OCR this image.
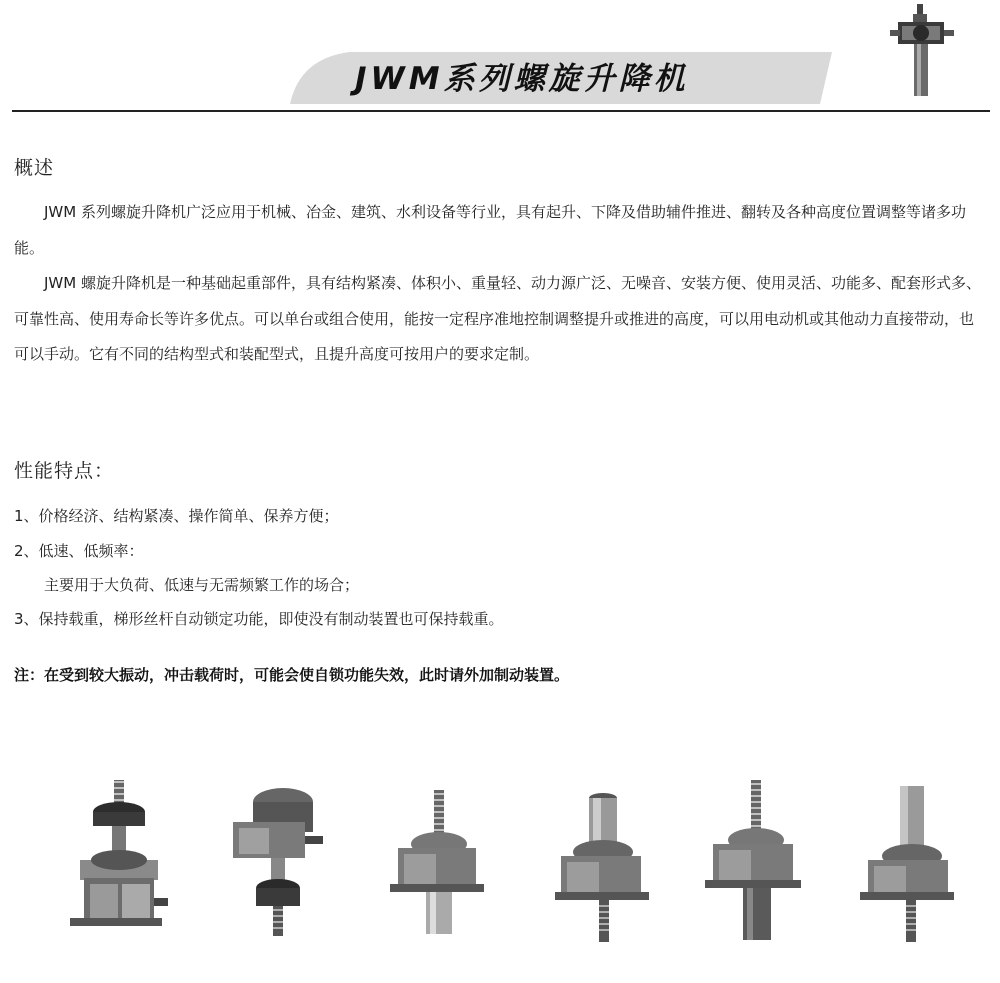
JWM系列螺旋升降机
概述
JWM 系列螺旋升降机广泛应用于机械、冶金、建筑、水利设备等行业，具有起升、下降及借助辅件推进、翻转及各种高度位置调整等诸多功能。
JWM 螺旋升降机是一种基础起重部件，具有结构紧凑、体积小、重量轻、动力源广泛、无噪音、安装方便、使用灵活、功能多、配套形式多、可靠性高、使用寿命长等许多优点。可以单台或组合使用，能按一定程序准地控制调整提升或推进的高度，可以用电动机或其他动力直接带动，也可以手动。它有不同的结构型式和装配型式，且提升高度可按用户的要求定制。
性能特点：
1、价格经济、结构紧凑、操作简单、保养方便；
2、低速、低频率：
主要用于大负荷、低速与无需频繁工作的场合；
3、保持载重，梯形丝杆自动锁定功能，即使没有制动装置也可保持载重。
注：在受到较大振动，冲击载荷时，可能会使自锁功能失效，此时请外加制动装置。
